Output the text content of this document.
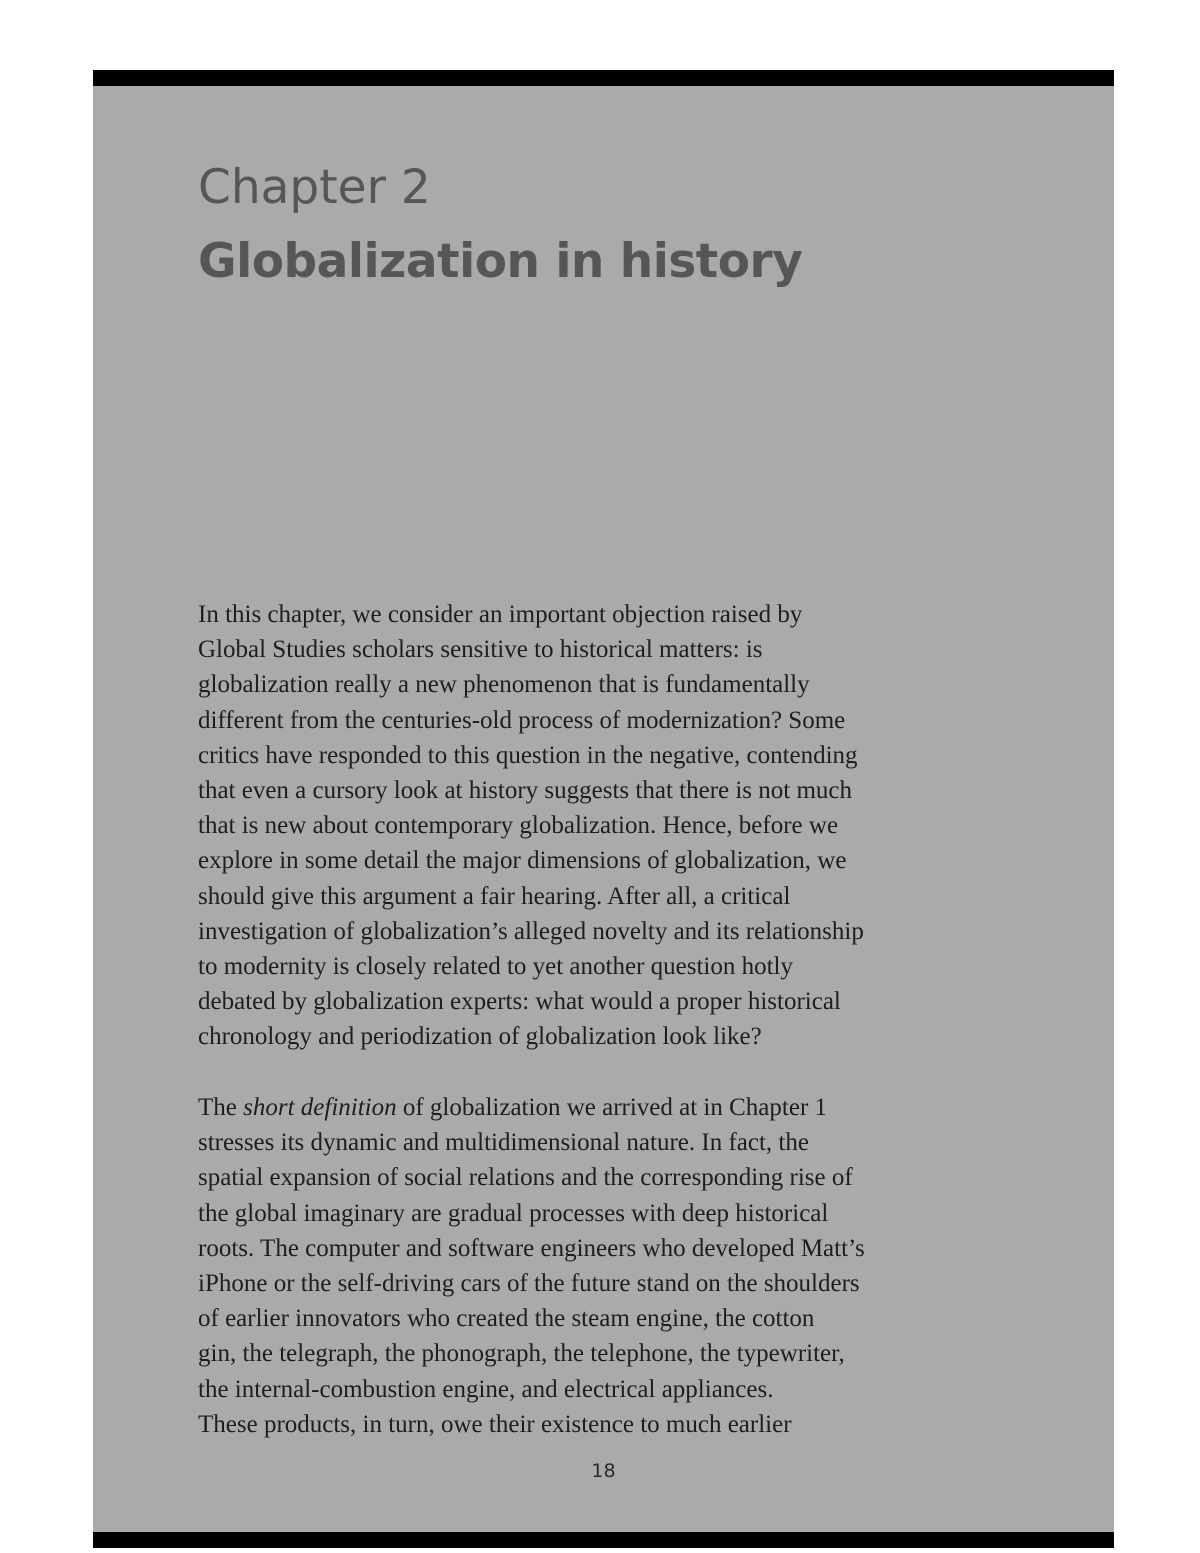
Chapter 2
Globalization in history

In this chapter, we consider an important objection raised by
Global Studies scholars sensitive to historical matters: is
globalization really a new phenomenon that is fundamentally
different from the centuries-old process of modernization? Some
critics have responded to this question in the negative, contending
that even a cursory look at history suggests that there is not much
that is new about contemporary globalization. Hence, before we
explore in some detail the major dimensions of globalization, we
should give this argument a fair hearing. After all, a critical
investigation of globalization’s alleged novelty and its relationship
to modernity is closely related to yet another question hotly
debated by globalization experts: what would a proper historical
chronology and periodization of globalization look like?

The short definition of globalization we arrived at in Chapter 1
stresses its dynamic and multidimensional nature. In fact, the
spatial expansion of social relations and the corresponding rise of
the global imaginary are gradual processes with deep historical
roots. The computer and software engineers who developed Matt’s
iPhone or the self-driving cars of the future stand on the shoulders
of earlier innovators who created the steam engine, the cotton
gin, the telegraph, the phonograph, the telephone, the typewriter,
the internal-combustion engine, and electrical appliances.
These products, in turn, owe their existence to much earlier

18
